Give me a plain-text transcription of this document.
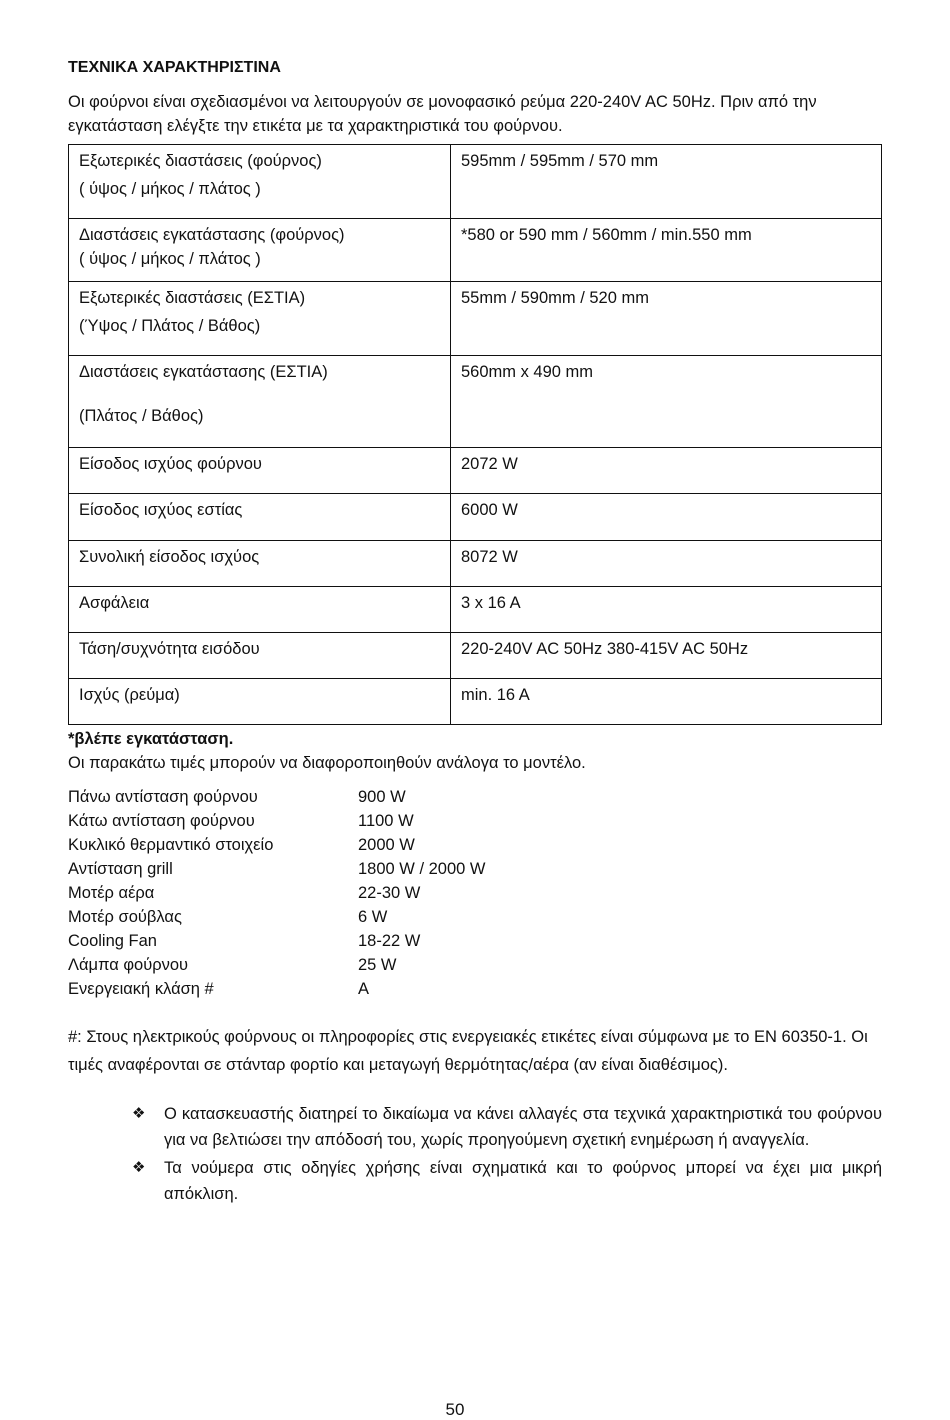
ΤΕΧΝΙΚΑ ΧΑΡΑΚΤΗΡΙΣΤΙΝΑ
Οι φούρνοι είναι σχεδιασμένοι να λειτουργούν σε μονοφασικό ρεύμα 220-240V AC 50Hz. Πριν από την εγκατάσταση ελέγξτε την ετικέτα με τα χαρακτηριστικά του φούρνου.
Εξωτερικές διαστάσεις (φούρνος)
( ύψος / μήκος / πλάτος )	595mm / 595mm / 570 mm

Διαστάσεις εγκατάστασης (φούρνος)
( ύψος / μήκος / πλάτος )	*580 or 590 mm / 560mm / min.550 mm

Εξωτερικές διαστάσεις (ΕΣΤΙΑ)
(Ύψος / Πλάτος / Βάθος)	55mm / 590mm / 520 mm

Διαστάσεις εγκατάστασης (ΕΣΤΙΑ)
(Πλάτος / Βάθος)	560mm x 490 mm

Είσοδος ισχύος φούρνου	2072 W

Είσοδος ισχύος εστίας	6000 W

Συνολική είσοδος ισχύος	8072 W

Ασφάλεια	3 x 16 A

Τάση/συχνότητα εισόδου	220-240V AC 50Hz 380-415V AC 50Hz

Ισχύς (ρεύμα)	min. 16 A
*βλέπε εγκατάσταση.
Οι παρακάτω τιμές μπορούν να διαφοροποιηθούν ανάλογα το μοντέλο.
Πάνω αντίσταση φούρνου	900 W
Κάτω αντίσταση φούρνου	1100 W
Κυκλικό θερμαντικό στοιχείο	2000 W
Αντίσταση grill	1800 W / 2000 W
Μοτέρ αέρα	22-30 W
Μοτέρ σούβλας	6 W
Cooling Fan	18-22 W
Λάμπα φούρνου	25 W
Ενεργειακή κλάση #	A
#: Στους ηλεκτρικούς φούρνους οι πληροφορίες στις ενεργειακές ετικέτες είναι σύμφωνα με το EN 60350-1. Οι τιμές αναφέρονται σε στάνταρ φορτίο και μεταγωγή θερμότητας/αέρα (αν είναι διαθέσιμος).
❖	Ο κατασκευαστής διατηρεί το δικαίωμα να κάνει αλλαγές στα τεχνικά χαρακτηριστικά του φούρνου για να βελτιώσει την απόδοσή του, χωρίς προηγούμενη σχετική ενημέρωση ή αναγγελία.
❖	Τα νούμερα στις οδηγίες χρήσης είναι σχηματικά και το φούρνος μπορεί να έχει μια μικρή απόκλιση.
50
